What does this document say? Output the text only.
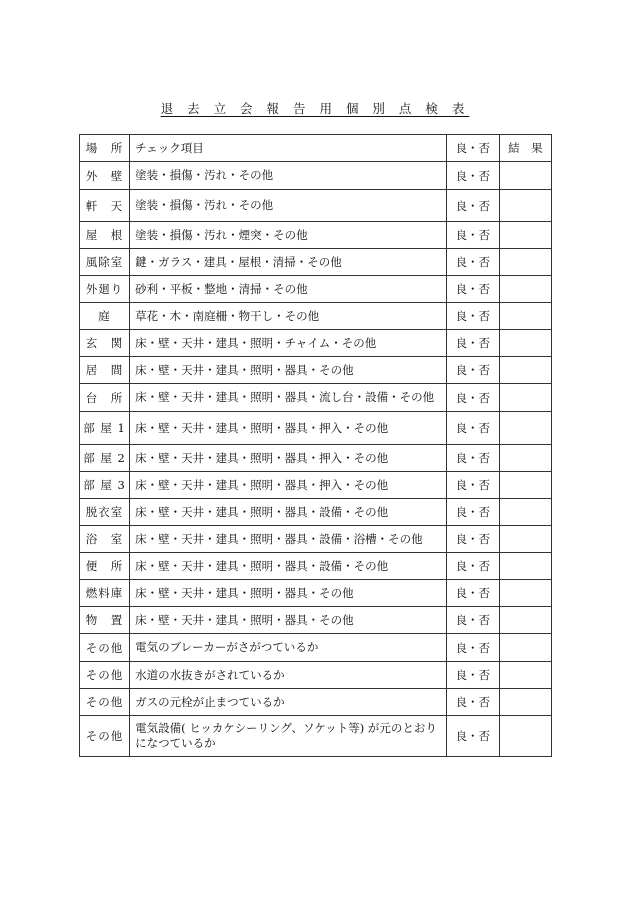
退 去 立 会 報 告 用 個 別 点 検 表
場　所	チェック項目	良・否	結　果
外　壁	塗装・損傷・汚れ・その他	良・否	
軒　天	塗装・損傷・汚れ・その他	良・否	
屋　根	塗装・損傷・汚れ・煙突・その他	良・否	
風除室	鍵・ガラス・建具・屋根・清掃・その他	良・否	
外廻り	砂利・平板・整地・清掃・その他	良・否	
庭	草花・木・南庭柵・物干し・その他	良・否	
玄　関	床・壁・天井・建具・照明・チャイム・その他	良・否	
居　間	床・壁・天井・建具・照明・器具・その他	良・否	
台　所	床・壁・天井・建具・照明・器具・流し台・設備・その他	良・否	
部 屋 1	床・壁・天井・建具・照明・器具・押入・その他	良・否	
部 屋 2	床・壁・天井・建具・照明・器具・押入・その他	良・否	
部 屋 3	床・壁・天井・建具・照明・器具・押入・その他	良・否	
脱衣室	床・壁・天井・建具・照明・器具・設備・その他	良・否	
浴　室	床・壁・天井・建具・照明・器具・設備・浴槽・その他	良・否	
便　所	床・壁・天井・建具・照明・器具・設備・その他	良・否	
燃料庫	床・壁・天井・建具・照明・器具・その他	良・否	
物　置	床・壁・天井・建具・照明・器具・その他	良・否	
その他	電気のブレーカーがさがつているか	良・否	
その他	水道の水抜きがされているか	良・否	
その他	ガスの元栓が止まつているか	良・否	
その他	電気設備( ヒッカケシーリング、ソケット等) が元のとおりになつているか	良・否	
